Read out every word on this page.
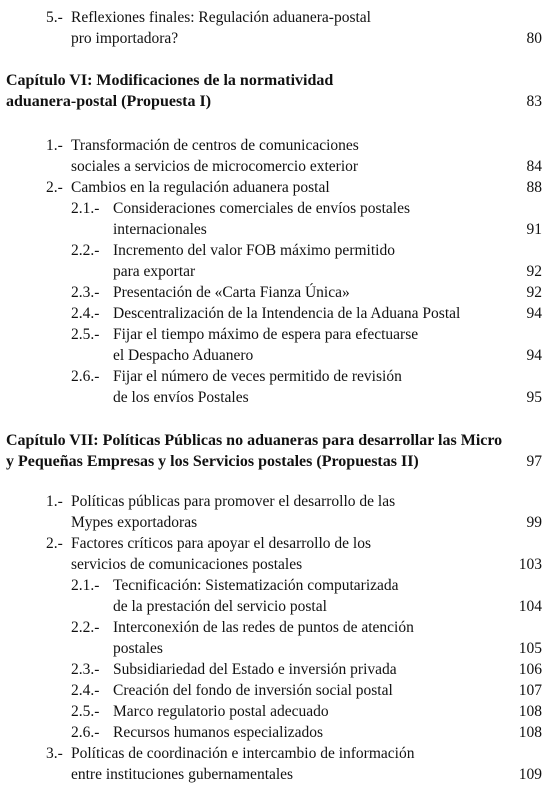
5.- Reflexiones finales: Regulación aduanera-postal
pro importadora?	80
Capítulo VI: Modificaciones de la normatividad
aduanera-postal (Propuesta I)	83
1.- Transformación de centros de comunicaciones
sociales a servicios de microcomercio exterior	84
2.- Cambios en la regulación aduanera postal	88
2.1.- Consideraciones comerciales de envíos postales
internacionales	91
2.2.- Incremento del valor FOB máximo permitido
para exportar	92
2.3.- Presentación de «Carta Fianza Única»	92
2.4.- Descentralización de la Intendencia de la Aduana Postal	94
2.5.- Fijar el tiempo máximo de espera para efectuarse
el Despacho Aduanero	94
2.6.- Fijar el número de veces permitido de revisión
de los envíos Postales	95
Capítulo VII: Políticas Públicas no aduaneras para desarrollar las Micro
y Pequeñas Empresas y los Servicios postales (Propuestas II)	97
1.- Políticas públicas para promover el desarrollo de las
Mypes exportadoras	99
2.- Factores críticos para apoyar el desarrollo de los
servicios de comunicaciones postales	103
2.1.- Tecnificación: Sistematización computarizada
de la prestación del servicio postal	104
2.2.- Interconexión de las redes de puntos de atención
postales	105
2.3.- Subsidiariedad del Estado e inversión privada	106
2.4.- Creación del fondo de inversión social postal	107
2.5.- Marco regulatorio postal adecuado	108
2.6.- Recursos humanos especializados	108
3.- Políticas de coordinación e intercambio de información
entre instituciones gubernamentales	109
